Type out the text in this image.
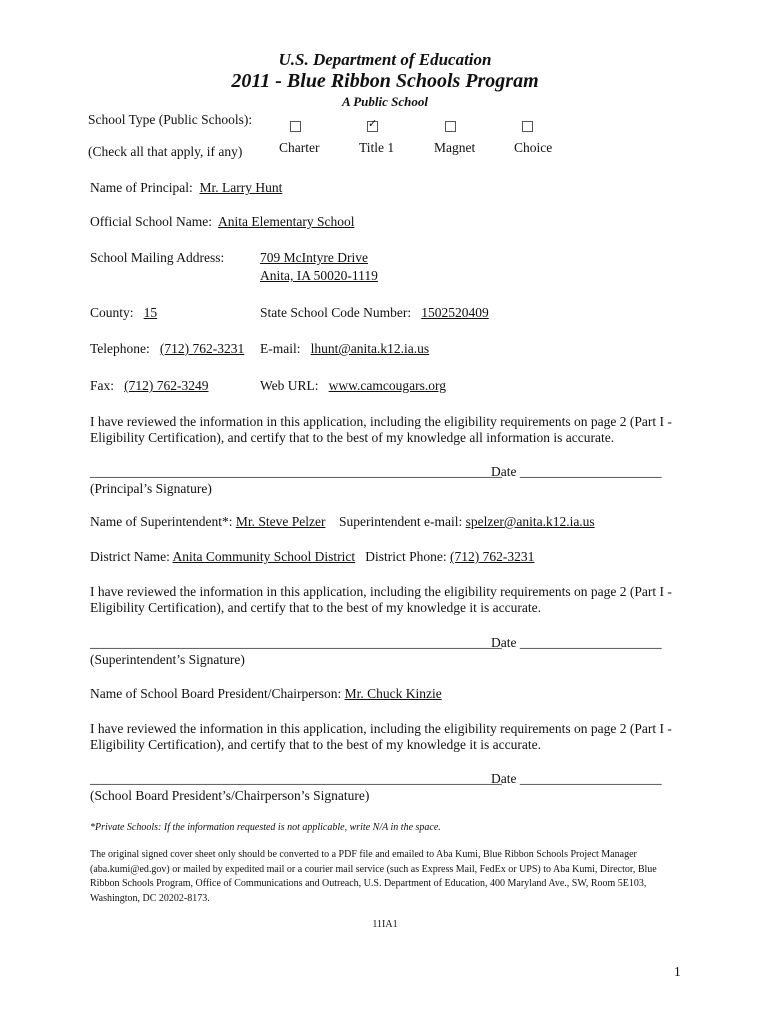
U.S. Department of Education
2011 - Blue Ribbon Schools Program
A Public School
School Type (Public Schools):
(Check all that apply, if any)
✓
Charter	Title 1	Magnet	Choice
Name of Principal: Mr. Larry Hunt
Official School Name: Anita Elementary School
School Mailing Address:	709 McIntyre Drive
Anita, IA 50020-1119
County: 15	State School Code Number: 1502520409
Telephone: (712) 762-3231 E-mail: lhunt@anita.k12.ia.us
Fax: (712) 762-3249	Web URL: www.camcougars.org
I have reviewed the information in this application, including the eligibility requirements on page 2 (Part I - Eligibility Certification), and certify that to the best of my knowledge all information is accurate.
_____________________________________________________________
Date _____________________
(Principal’s Signature)
Name of Superintendent*: Mr. Steve Pelzer Superintendent e-mail: spelzer@anita.k12.ia.us
District Name: Anita Community School District District Phone: (712) 762-3231
I have reviewed the information in this application, including the eligibility requirements on page 2 (Part I - Eligibility Certification), and certify that to the best of my knowledge it is accurate.
_____________________________________________________________
Date _____________________
(Superintendent’s Signature)
Name of School Board President/Chairperson: Mr. Chuck Kinzie
I have reviewed the information in this application, including the eligibility requirements on page 2 (Part I - Eligibility Certification), and certify that to the best of my knowledge it is accurate.
_____________________________________________________________
Date _____________________
(School Board President’s/Chairperson’s Signature)
*Private Schools: If the information requested is not applicable, write N/A in the space.
The original signed cover sheet only should be converted to a PDF file and emailed to Aba Kumi, Blue Ribbon Schools Project Manager (aba.kumi@ed.gov) or mailed by expedited mail or a courier mail service (such as Express Mail, FedEx or UPS) to Aba Kumi, Director, Blue Ribbon Schools Program, Office of Communications and Outreach, U.S. Department of Education, 400 Maryland Ave., SW, Room 5E103, Washington, DC 20202-8173.
11IA1
1
